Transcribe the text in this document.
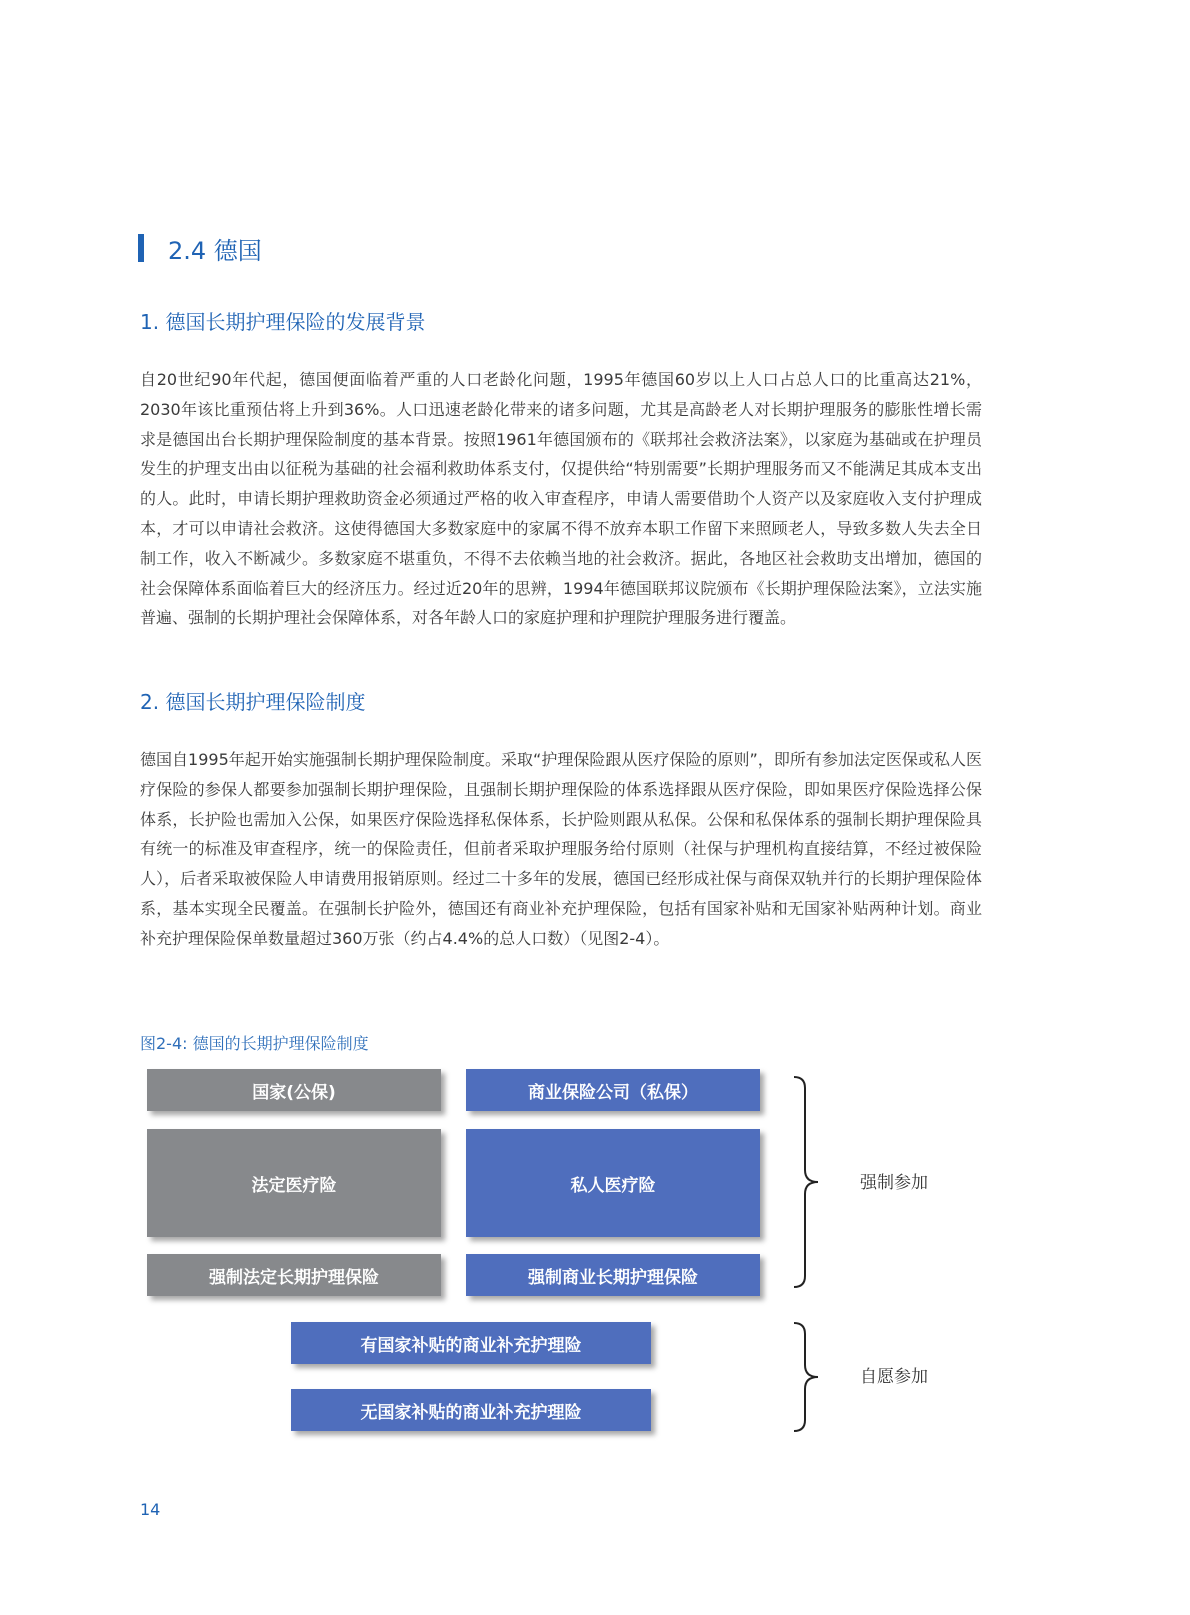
2.4 德国
1. 德国长期护理保险的发展背景

自20世纪90年代起，德国便面临着严重的人口老龄化问题，1995年德国60岁以上人口占总人口的比重高达21%，2030年该比重预估将上升到36%。人口迅速老龄化带来的诸多问题，尤其是高龄老人对长期护理服务的膨胀性增长需求是德国出台长期护理保险制度的基本背景。按照1961年德国颁布的《联邦社会救济法案》，以家庭为基础或在护理员发生的护理支出由以征税为基础的社会福利救助体系支付，仅提供给“特别需要”长期护理服务而又不能满足其成本支出的人。此时，申请长期护理救助资金必须通过严格的收入审查程序，申请人需要借助个人资产以及家庭收入支付护理成本，才可以申请社会救济。这使得德国大多数家庭中的家属不得不放弃本职工作留下来照顾老人，导致多数人失去全日制工作，收入不断减少。多数家庭不堪重负，不得不去依赖当地的社会救济。据此，各地区社会救助支出增加，德国的社会保障体系面临着巨大的经济压力。经过近20年的思辨，1994年德国联邦议院颁布《长期护理保险法案》，立法实施普遍、强制的长期护理社会保障体系，对各年龄人口的家庭护理和护理院护理服务进行覆盖。

2. 德国长期护理保险制度

德国自1995年起开始实施强制长期护理保险制度。采取“护理保险跟从医疗保险的原则”，即所有参加法定医保或私人医疗保险的参保人都要参加强制长期护理保险，且强制长期护理保险的体系选择跟从医疗保险，即如果医疗保险选择公保体系，长护险也需加入公保，如果医疗保险选择私保体系，长护险则跟从私保。公保和私保体系的强制长期护理保险具有统一的标准及审查程序，统一的保险责任，但前者采取护理服务给付原则（社保与护理机构直接结算，不经过被保险人），后者采取被保险人申请费用报销原则。经过二十多年的发展，德国已经形成社保与商保双轨并行的长期护理保险体系，基本实现全民覆盖。在强制长护险外，德国还有商业补充护理保险，包括有国家补贴和无国家补贴两种计划。商业补充护理保险保单数量超过360万张（约占4.4%的总人口数）（见图2-4）。

图2-4: 德国的长期护理保险制度
国家(公保)	商业保险公司（私保）
法定医疗险	私人医疗险
强制法定长期护理保险	强制商业长期护理保险
有国家补贴的商业补充护理险
无国家补贴的商业补充护理险
强制参加
自愿参加
14
